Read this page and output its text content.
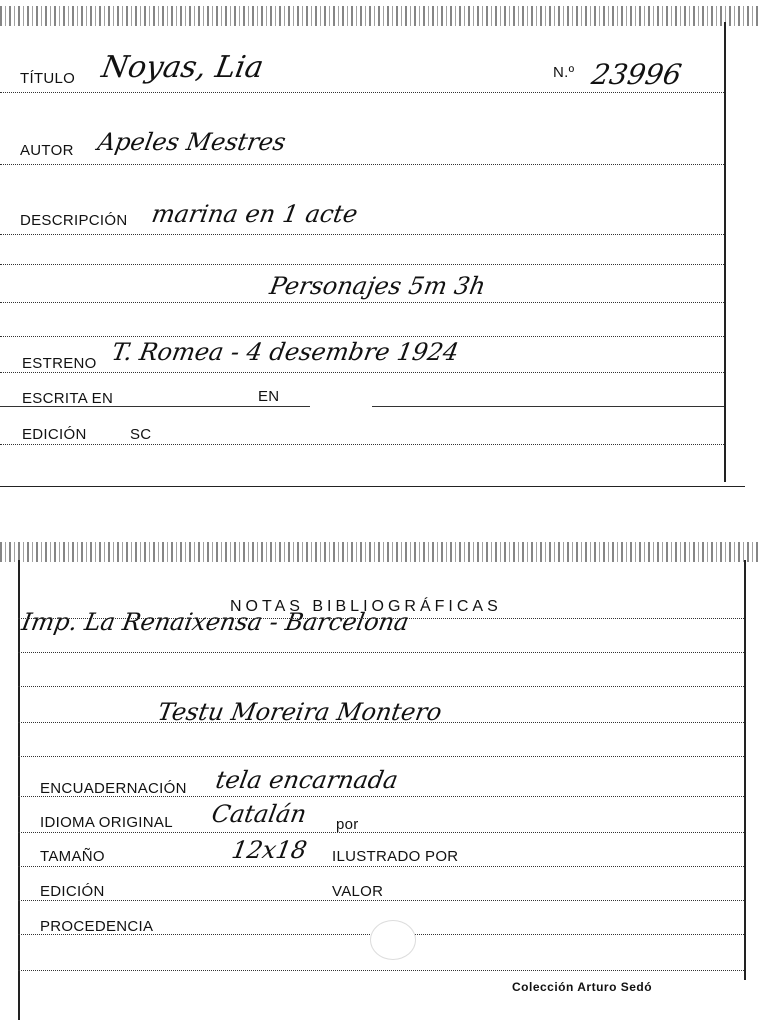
TÍTULO Noyas, Lia	N.º 23996
AUTOR Apeles Mestres
DESCRIPCIÓN marina en 1 acte
Personajes 5m 3h
ESTRENO T. Romea - 4 desembre 1924
ESCRITA EN	EN
EDICIÓN	SC
NOTAS BIBLIOGRÁFICAS
Imp. La Renaixensa - Barcelona
Testu Moreira Montero
ENCUADERNACIÓN tela encarnada
IDIOMA ORIGINAL Catalán por
TAMAÑO	12x18 ILUSTRADO POR
EDICIÓN	VALOR
PROCEDENCIA
Colección Arturo Sedó
